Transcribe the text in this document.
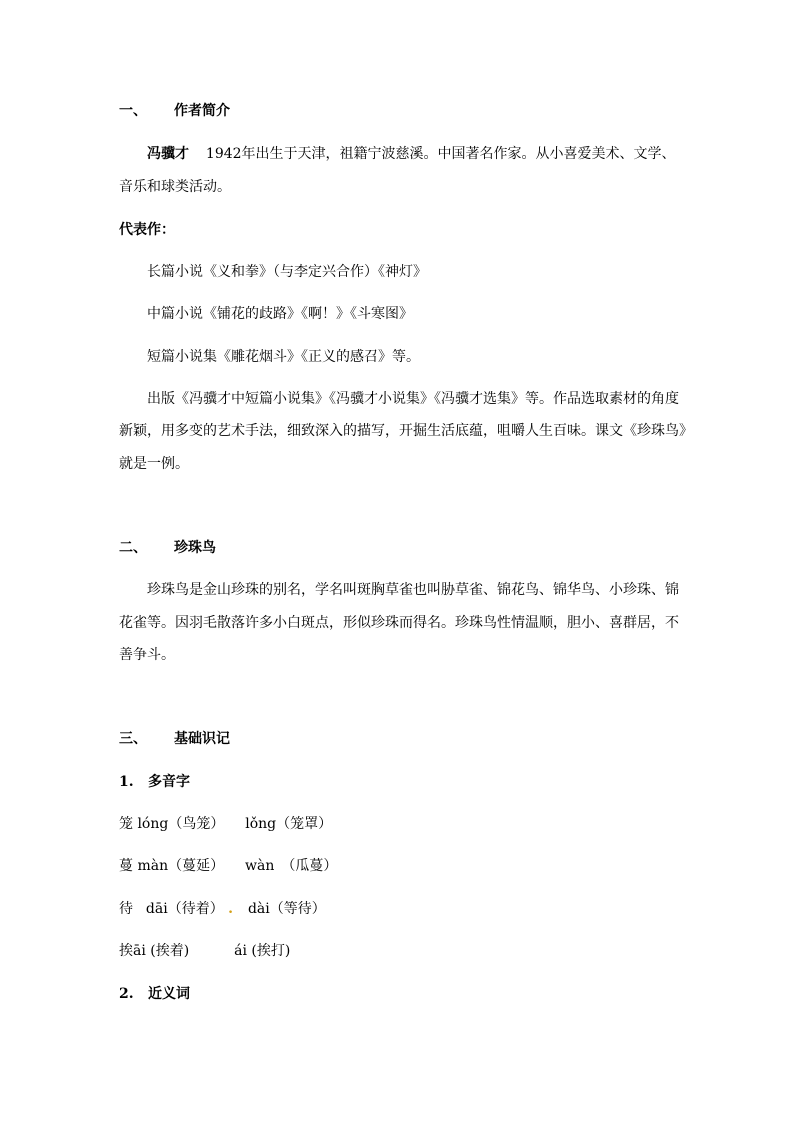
一、 作者简介
冯骥才 1942年出生于天津，祖籍宁波慈溪。中国著名作家。从小喜爱美术、文学、
音乐和球类活动。
代表作：
长篇小说《义和拳》（与李定兴合作）《神灯》
中篇小说《铺花的歧路》《啊！》《斗寒图》
短篇小说集《雕花烟斗》《正义的感召》等。
出版《冯骥才中短篇小说集》《冯骥才小说集》《冯骥才选集》等。作品选取素材的角度
新颖，用多变的艺术手法，细致深入的描写，开掘生活底蕴，咀嚼人生百味。课文《珍珠鸟》
就是一例。
二、 珍珠鸟
珍珠鸟是金山珍珠的别名，学名叫斑胸草雀也叫胁草雀、锦花鸟、锦华鸟、小珍珠、锦
花雀等。因羽毛散落许多小白斑点，形似珍珠而得名。珍珠鸟性情温顺，胆小、喜群居，不
善争斗。
三、 基础识记
1. 多音字
笼 lóng（鸟笼） lǒng（笼罩）
蔓 màn（蔓延） wàn　（瓜蔓）
待 dāi（待着） . dài（等待）
挨āi (挨着)	ái (挨打)
2. 近义词
